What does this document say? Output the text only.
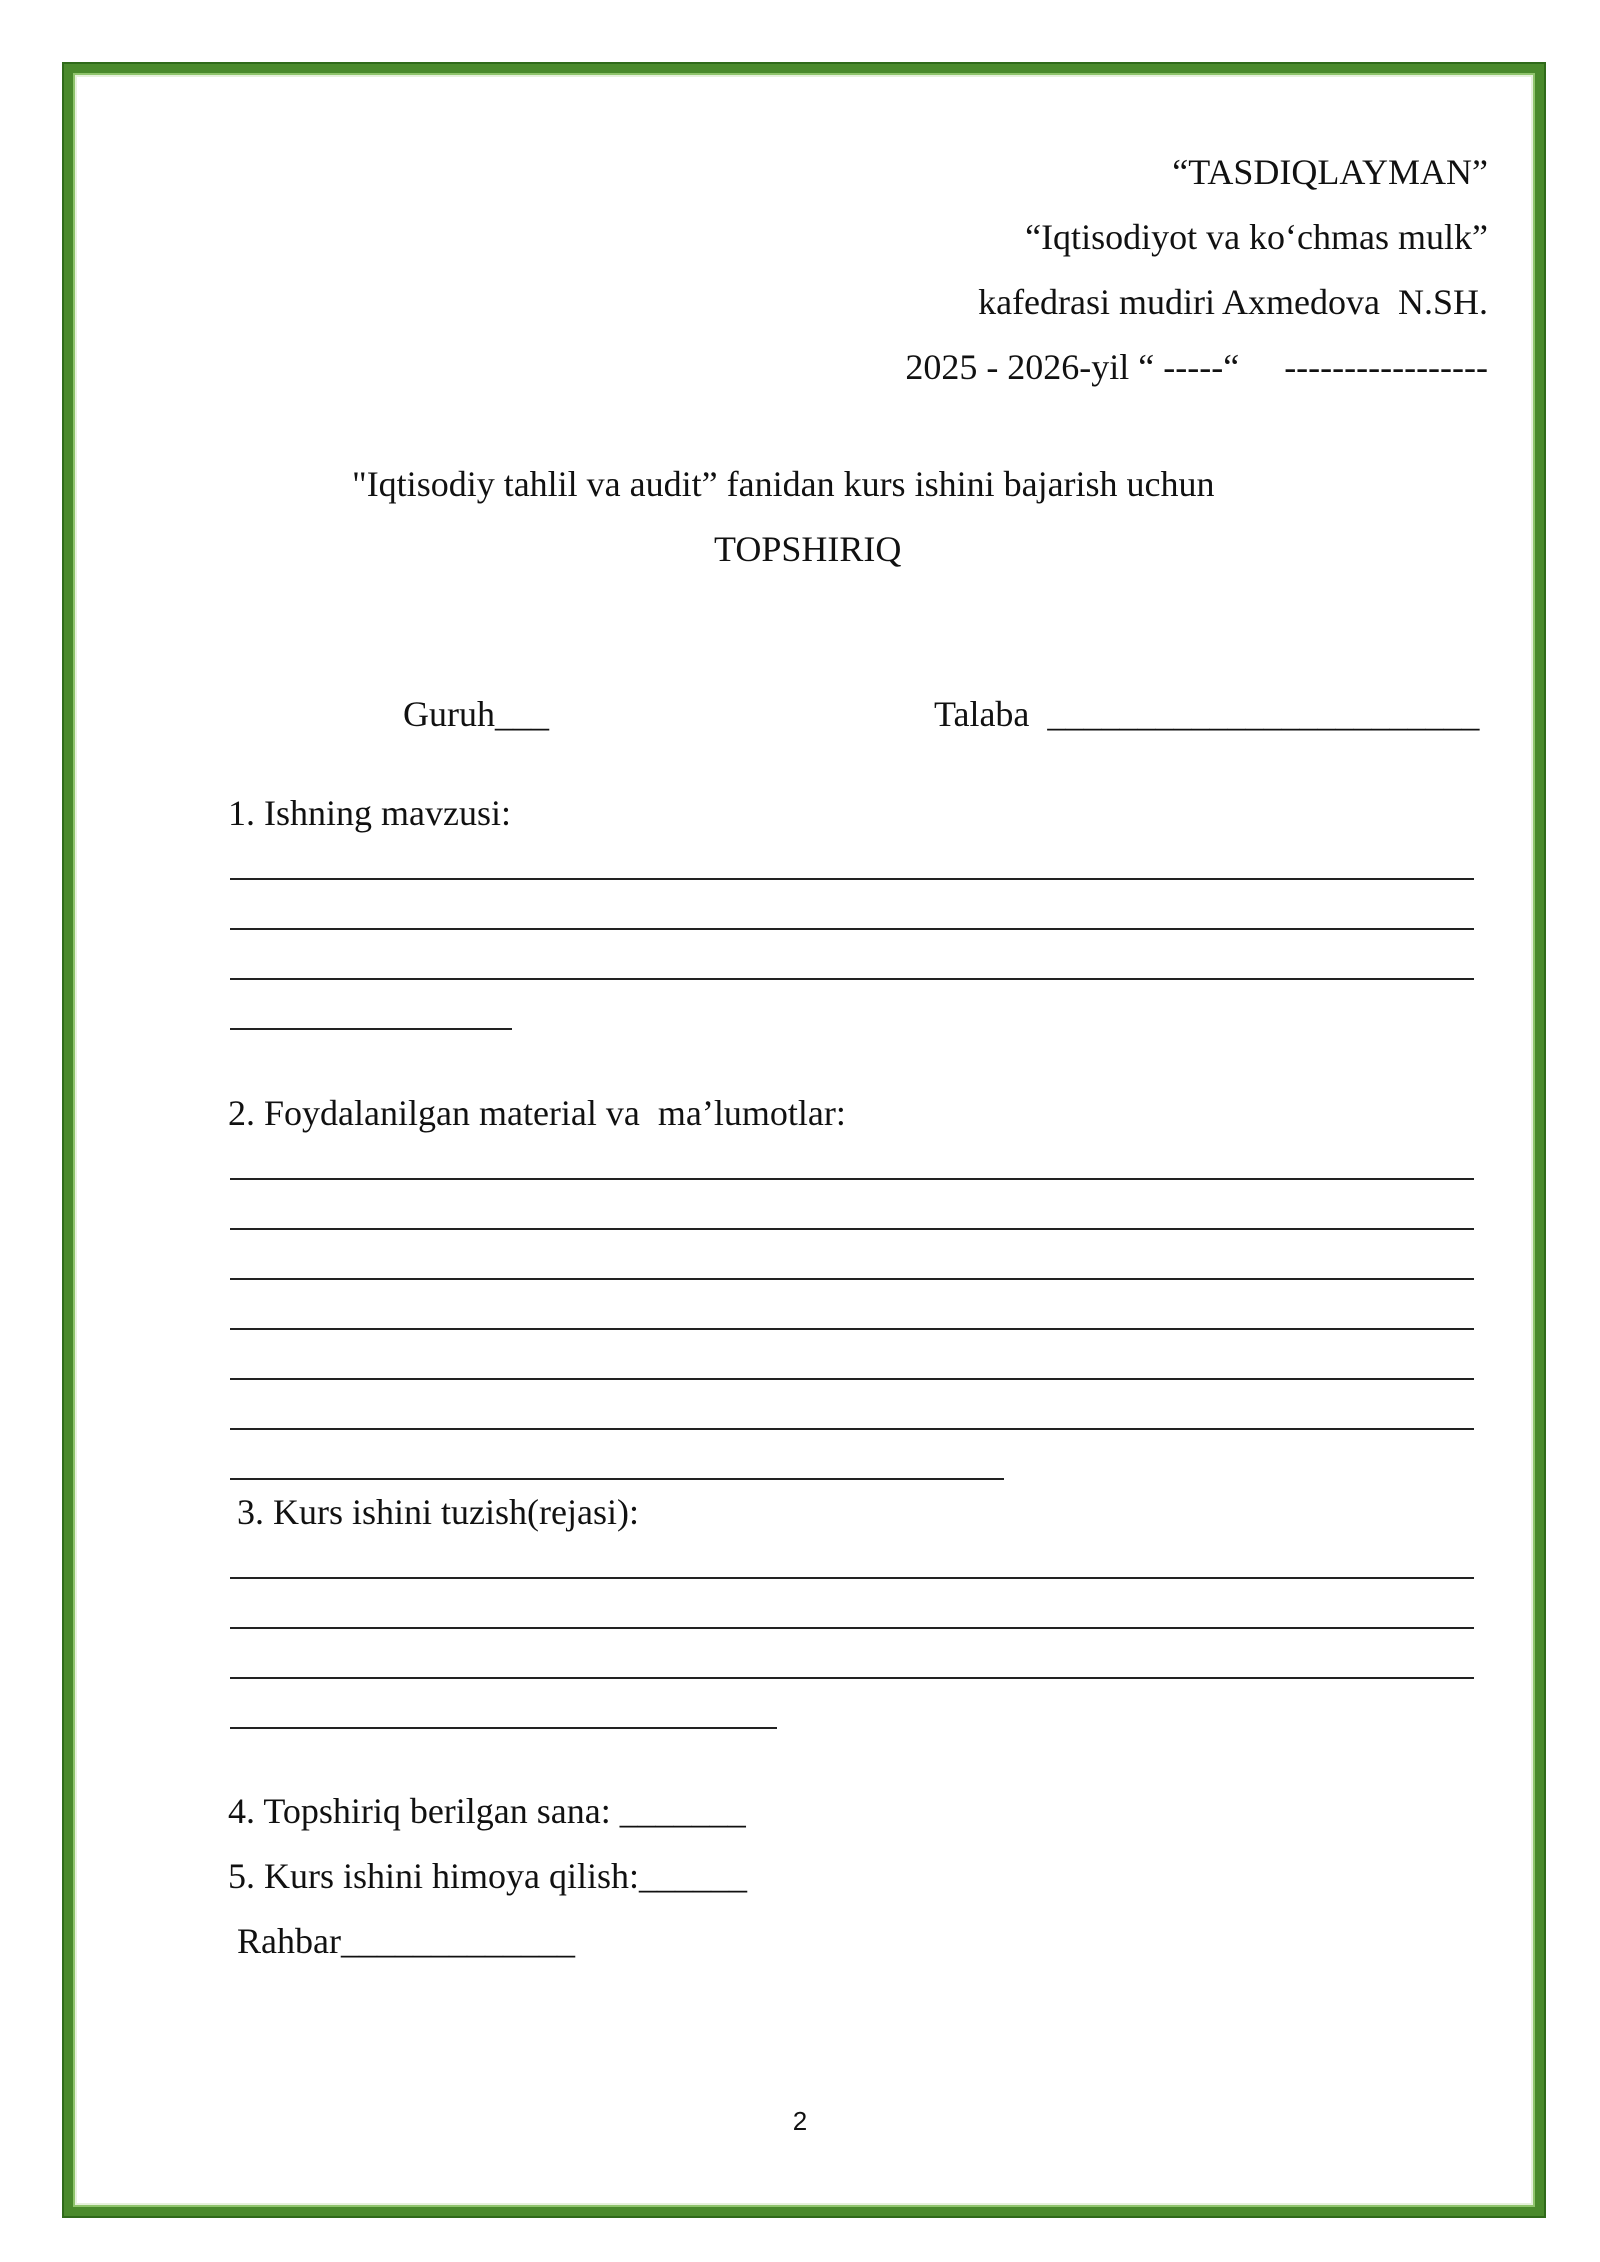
“TASDIQLAYMAN”
“Iqtisodiyot va ko‘chmas mulk”
kafedrasi mudiri Axmedova  N.SH.
2025 - 2026-yil “ -----“     -----------------
"Iqtisodiy tahlil va audit” fanidan kurs ishini bajarish uchun
TOPSHIRIQ
Guruh___	Talaba  ________________________
1. Ishning mavzusi:
2. Foydalanilgan material va  ma’lumotlar:
3. Kurs ishini tuzish(rejasi):
4. Topshiriq berilgan sana: _______
5. Kurs ishini himoya qilish:______
Rahbar_____________
2
